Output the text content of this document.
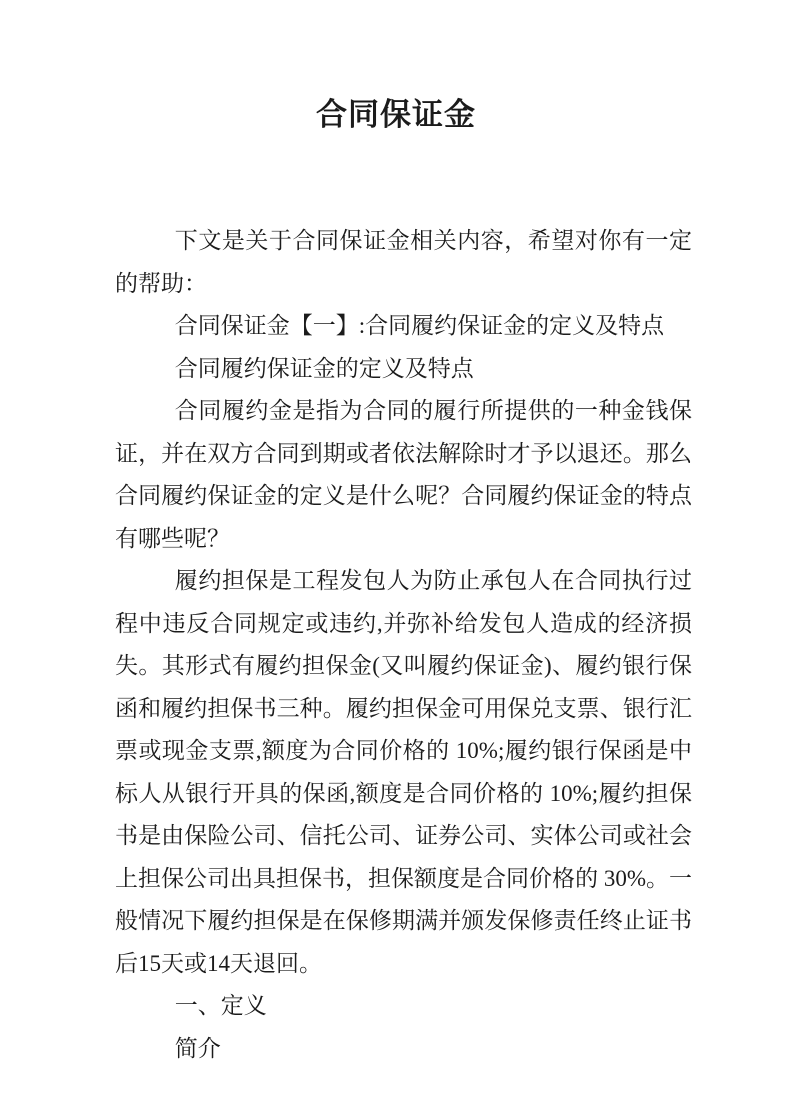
合同保证金

下文是关于合同保证金相关内容，希望对你有一定的帮助：

合同保证金【一】:合同履约保证金的定义及特点

合同履约保证金的定义及特点

合同履约金是指为合同的履行所提供的一种金钱保证，并在双方合同到期或者依法解除时才予以退还。那么合同履约保证金的定义是什么呢？合同履约保证金的特点有哪些呢？

履约担保是工程发包人为防止承包人在合同执行过程中违反合同规定或违约,并弥补给发包人造成的经济损失。其形式有履约担保金(又叫履约保证金)、履约银行保函和履约担保书三种。履约担保金可用保兑支票、银行汇票或现金支票,额度为合同价格的 10%;履约银行保函是中标人从银行开具的保函,额度是合同价格的 10%;履约担保书是由保险公司、信托公司、证券公司、实体公司或社会上担保公司出具担保书，担保额度是合同价格的 30%。一般情况下履约担保是在保修期满并颁发保修责任终止证书后15天或14天退回。

一、定义

简介
